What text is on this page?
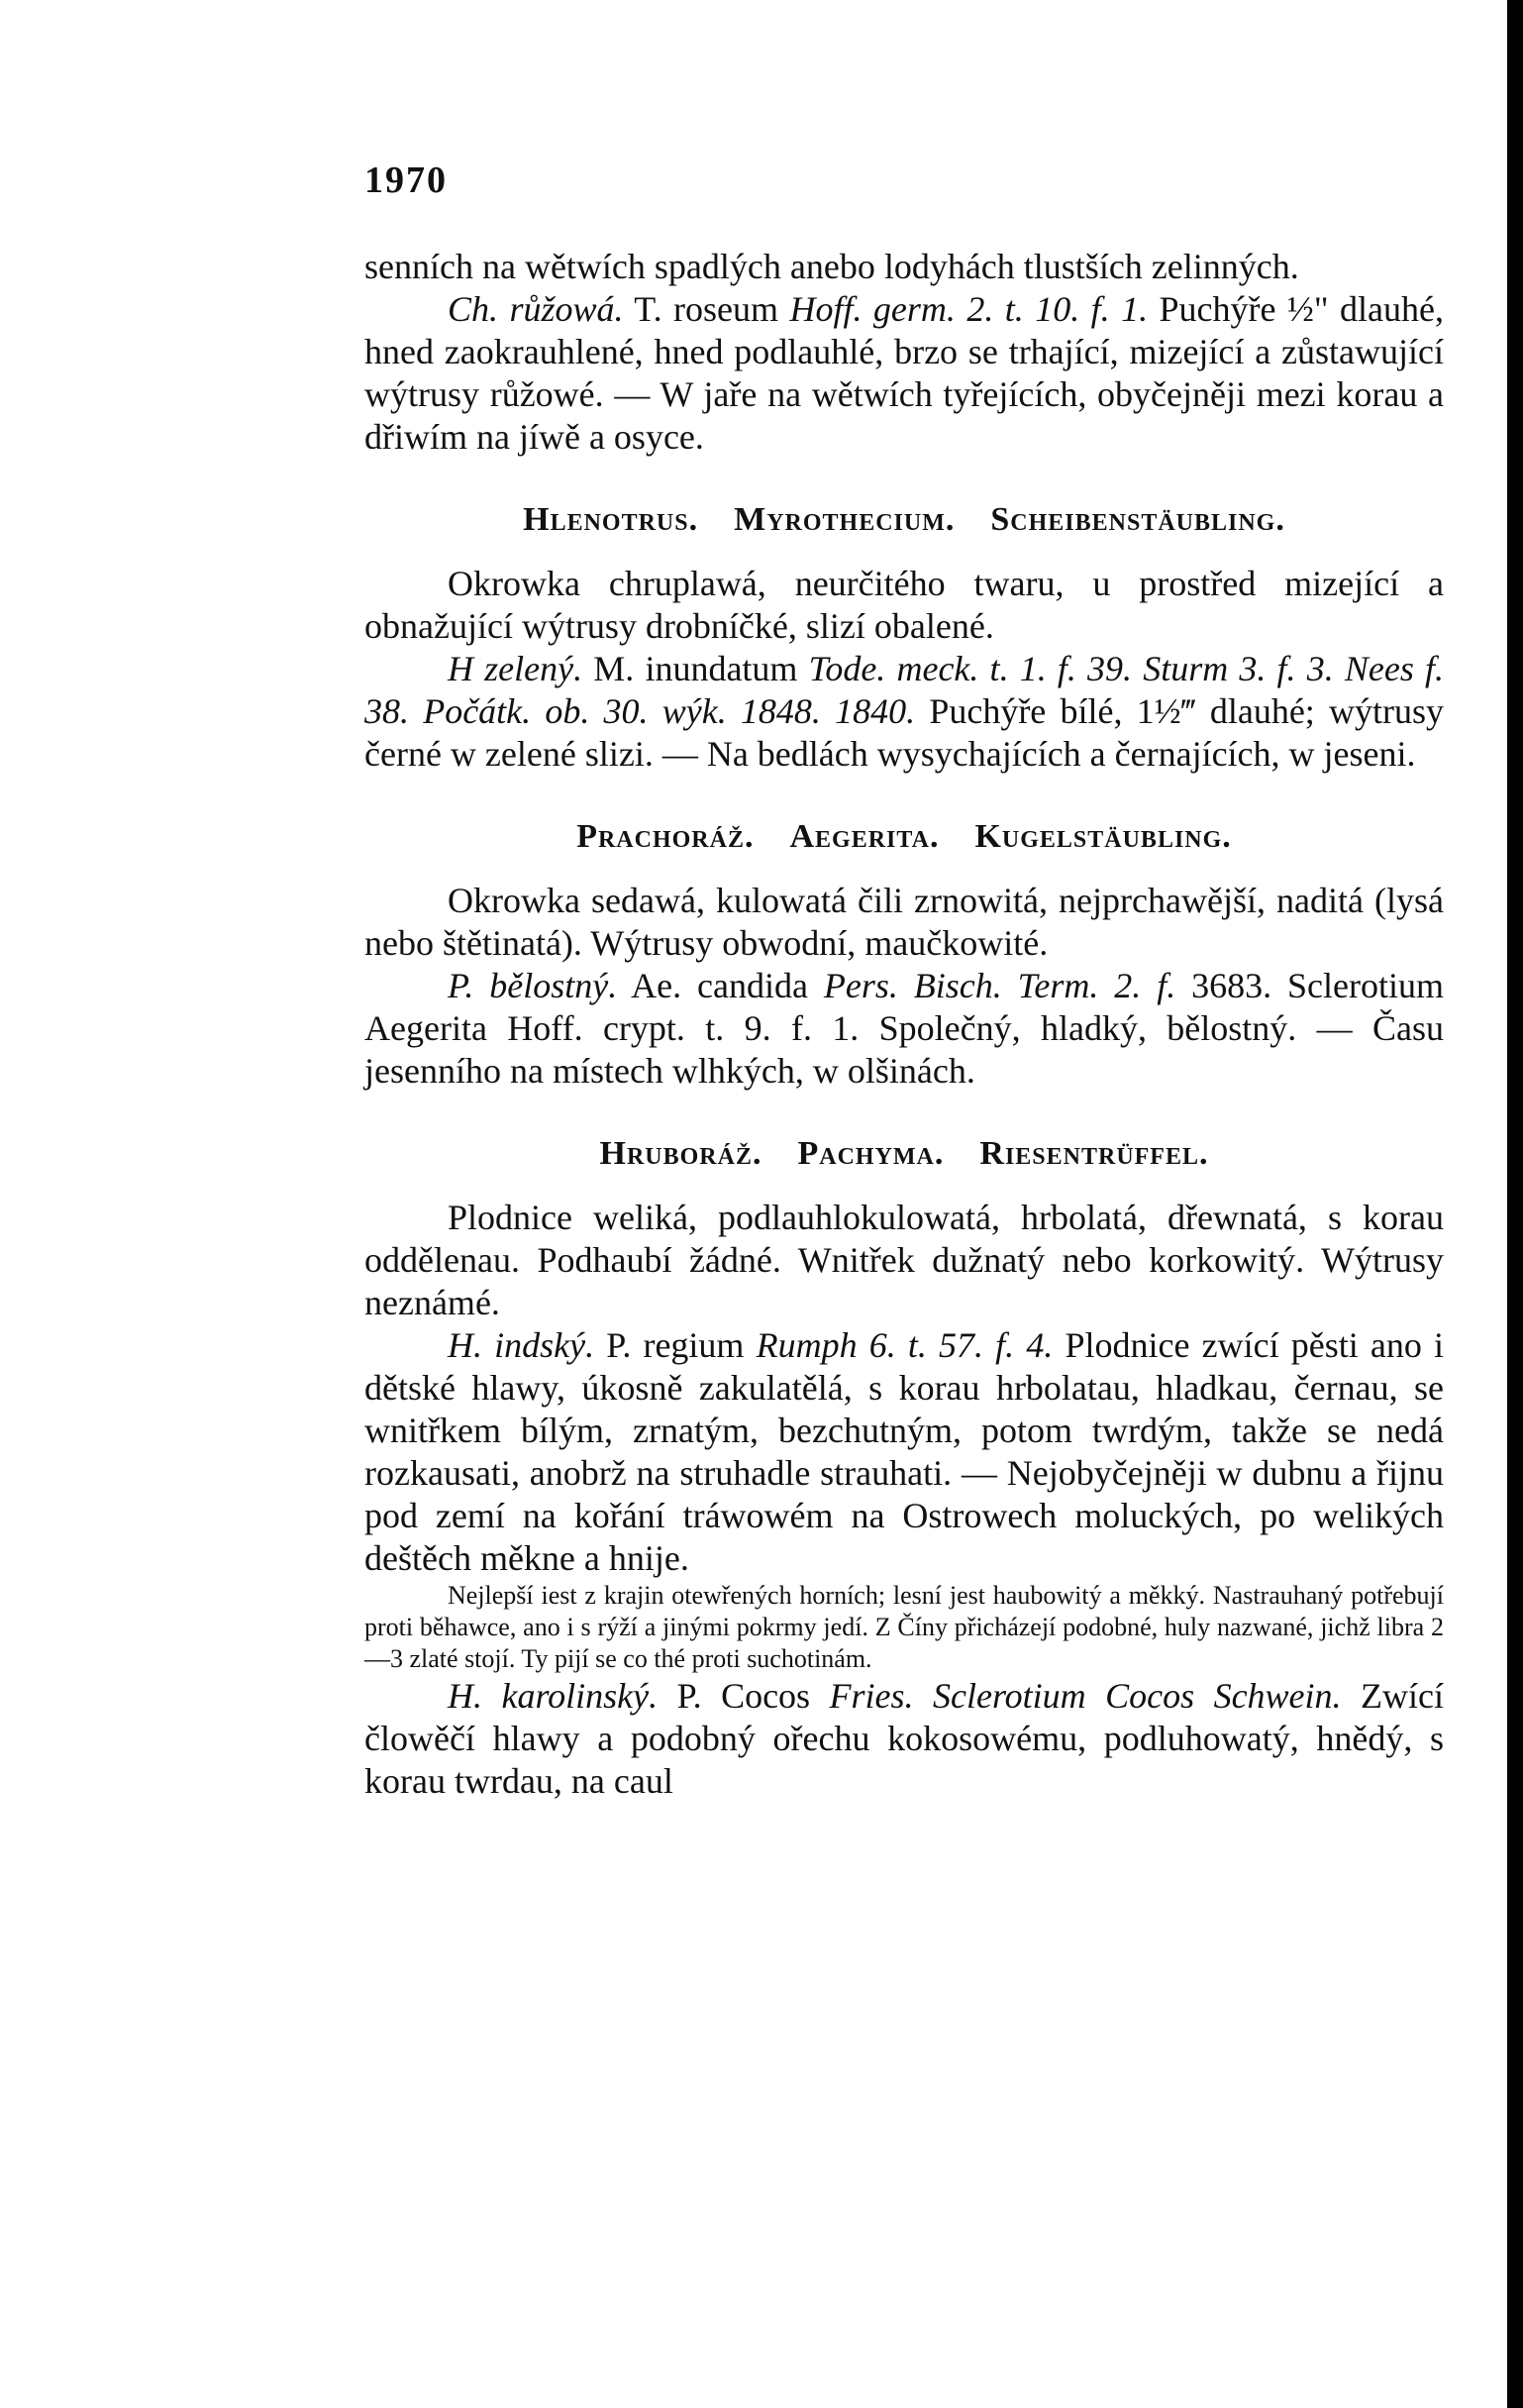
1970

senních na wětwích spadlých anebo lodyhách tlustších zelinných.

Ch. růžowá. T. roseum Hoff. germ. 2. t. 10. f. 1. Puchýře ½" dlauhé, hned zaokrauhlené, hned podlauhlé, brzo se trhající, mizející a zůstawující wýtrusy růžowé. — W jaře na wětwích tyřejících, obyčejněji mezi korau a dřiwím na jíwě a osyce.

Hlenotrus. Myrothecium. Scheibenstäubling.

Okrowka chruplawá, neurčitého twaru, u prostřed mizející a obnažující wýtrusy drobníčké, slizí obalené.

H zelený. M. inundatum Tode. meck. t. 1. f. 39. Sturm 3. f. 3. Nees f. 38. Počátk. ob. 30. wýk. 1848. 1840. Puchýře bílé, 1½‴ dlauhé; wýtrusy černé w zelené slizi. — Na bedlách wysychajících a černajících, w jeseni.

Prachoráž. Aegerita. Kugelstäubling.

Okrowka sedawá, kulowatá čili zrnowitá, nejprchawější, naditá (lysá nebo štětinatá). Wýtrusy obwodní, maučkowité.

P. bělostný. Ae. candida Pers. Bisch. Term. 2. f. 3683. Sclerotium Aegerita Hoff. crypt. t. 9. f. 1. Společný, hladký, bělostný. — Času jesenního na místech wlhkých, w olšinách.

Hruboráž. Pachyma. Riesentrüffel.

Plodnice weliká, podlauhlokulowatá, hrbolatá, dřewnatá, s korau oddělenau. Podhaubí žádné. Wnitřek dužnatý nebo korkowitý. Wýtrusy neznámé.

H. indský. P. regium Rumph 6. t. 57. f. 4. Plodnice zwící pěsti ano i dětské hlawy, úkosně zakulatělá, s korau hrbolatau, hladkau, černau, se wnitřkem bílým, zrnatým, bezchutným, potom twrdým, takže se nedá rozkausati, anobrž na struhadle strauhati. — Nejobyčejněji w dubnu a řijnu pod zemí na kořání tráwowém na Ostrowech moluckých, po welikých deštěch měkne a hnije.

Nejlepší iest z krajin otewřených horních; lesní jest haubowitý a měkký. Nastrauhaný potřebují proti běhawce, ano i s rýží a jinými pokrmy jedí. Z Číny přicházejí podobné, huly nazwané, jichž libra 2—3 zlaté stojí. Ty pijí se co thé proti suchotinám.

H. karolinský. P. Cocos Fries. Sclerotium Cocos Schwein. Zwící člowěčí hlawy a podobný ořechu kokosowému, podluhowatý, hnědý, s korau twrdau, na caul
